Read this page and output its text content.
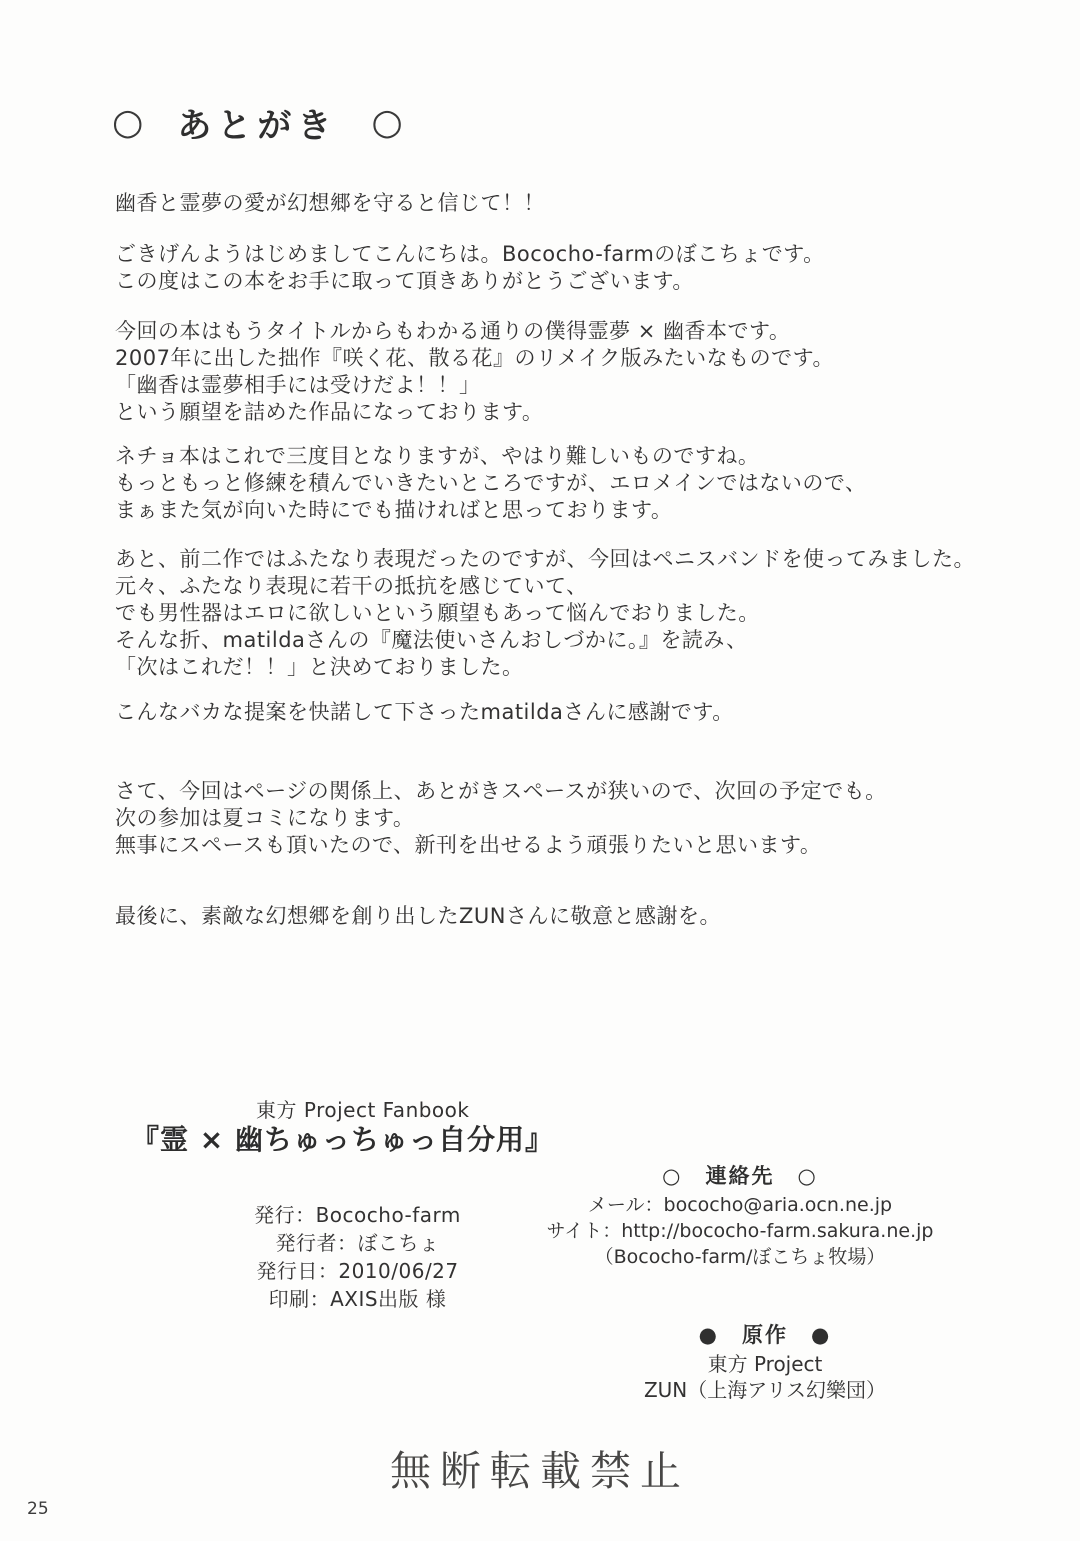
○ あとがき ○
幽香と霊夢の愛が幻想郷を守ると信じて！！
ごきげんようはじめましてこんにちは。Bococho-farmのぼこちょです。
この度はこの本をお手に取って頂きありがとうございます。
今回の本はもうタイトルからもわかる通りの僕得霊夢 × 幽香本です。
2007年に出した拙作『咲く花、散る花』のリメイク版みたいなものです。
「幽香は霊夢相手には受けだよ！！」
という願望を詰めた作品になっております。
ネチョ本はこれで三度目となりますが、やはり難しいものですね。
もっともっと修練を積んでいきたいところですが、エロメインではないので、
まぁまた気が向いた時にでも描ければと思っております。
あと、前二作ではふたなり表現だったのですが、今回はペニスバンドを使ってみました。
元々、ふたなり表現に若干の抵抗を感じていて、
でも男性器はエロに欲しいという願望もあって悩んでおりました。
そんな折、matildaさんの『魔法使いさんおしづかに。』を読み、
「次はこれだ！！」と決めておりました。
こんなバカな提案を快諾して下さったmatildaさんに感謝です。
さて、今回はページの関係上、あとがきスペースが狭いので、次回の予定でも。
次の参加は夏コミになります。
無事にスペースも頂いたので、新刊を出せるよう頑張りたいと思います。
最後に、素敵な幻想郷を創り出したZUNさんに敬意と感謝を。
東方 Project Fanbook
『霊 × 幽ちゅっちゅっ自分用』
発行：Bococho-farm
発行者：ぼこちょ
発行日：2010/06/27
印刷：AXIS出版 様
○　連絡先　○
メール：bococho@aria.ocn.ne.jp
サイト：http://bococho-farm.sakura.ne.jp
（Bococho-farm/ぼこちょ牧場）
●　原作　●
東方 Project
ZUN（上海アリス幻樂団）
無断転載禁止
25
